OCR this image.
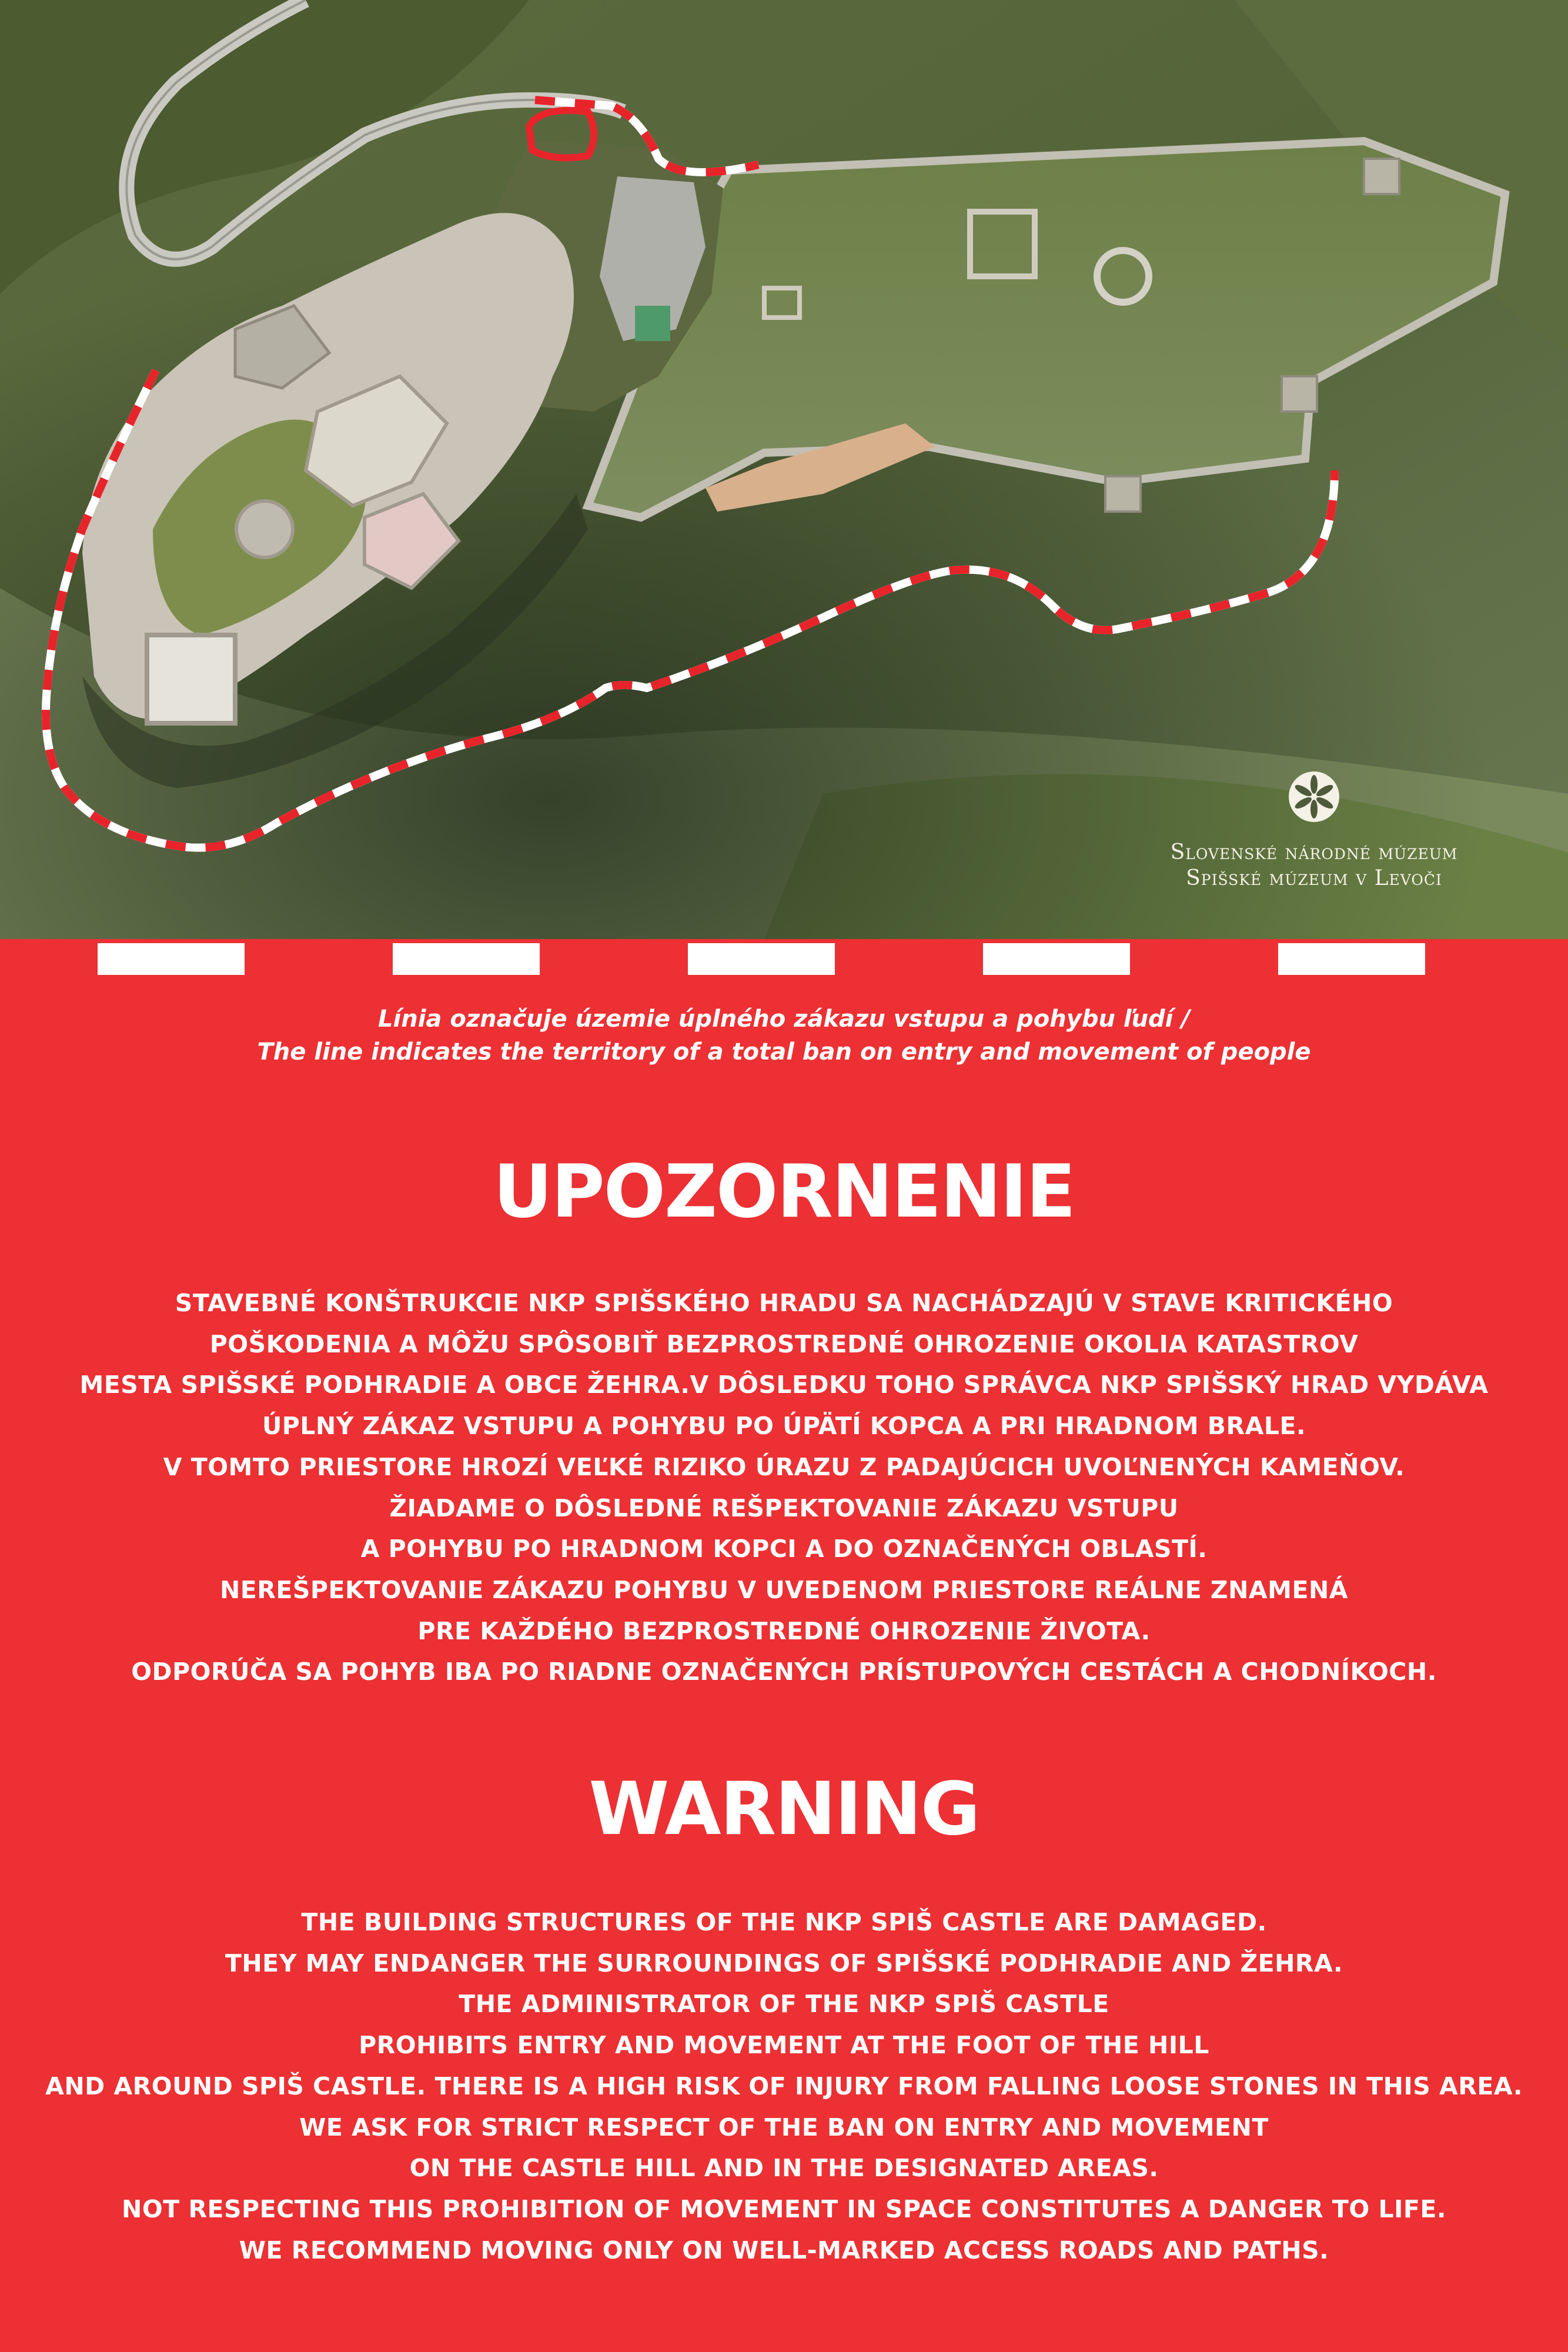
Slovenské národné múzeum
Spišské múzeum v Levoči
Línia označuje územie úplného zákazu vstupu a pohybu ľudí /
The line indicates the territory of a total ban on entry and movement of people
UPOZORNENIE
STAVEBNÉ KONŠTRUKCIE NKP SPIŠSKÉHO HRADU SA NACHÁDZAJÚ V STAVE KRITICKÉHO
POŠKODENIA A MÔŽU SPÔSOBIŤ BEZPROSTREDNÉ OHROZENIE OKOLIA KATASTROV
MESTA SPIŠSKÉ PODHRADIE A OBCE ŽEHRA.V DÔSLEDKU TOHO SPRÁVCA NKP SPIŠSKÝ HRAD VYDÁVA
ÚPLNÝ ZÁKAZ VSTUPU A POHYBU PO ÚPÄTÍ KOPCA A PRI HRADNOM BRALE.
V TOMTO PRIESTORE HROZÍ VEĽKÉ RIZIKO ÚRAZU Z PADAJÚCICH UVOĽNENÝCH KAMEŇOV.
ŽIADAME O DÔSLEDNÉ REŠPEKTOVANIE ZÁKAZU VSTUPU
A POHYBU PO HRADNOM KOPCI A DO OZNAČENÝCH OBLASTÍ.
NEREŠPEKTOVANIE ZÁKAZU POHYBU V UVEDENOM PRIESTORE REÁLNE ZNAMENÁ
PRE KAŽDÉHO BEZPROSTREDNÉ OHROZENIE ŽIVOTA.
ODPORÚČA SA POHYB IBA PO RIADNE OZNAČENÝCH PRÍSTUPOVÝCH CESTÁCH A CHODNÍKOCH.
WARNING
THE BUILDING STRUCTURES OF THE NKP SPIŠ CASTLE ARE DAMAGED.
THEY MAY ENDANGER THE SURROUNDINGS OF SPIŠSKÉ PODHRADIE AND ŽEHRA.
THE ADMINISTRATOR OF THE NKP SPIŠ CASTLE
PROHIBITS ENTRY AND MOVEMENT AT THE FOOT OF THE HILL
AND AROUND SPIŠ CASTLE. THERE IS A HIGH RISK OF INJURY FROM FALLING LOOSE STONES IN THIS AREA.
WE ASK FOR STRICT RESPECT OF THE BAN ON ENTRY AND MOVEMENT
ON THE CASTLE HILL AND IN THE DESIGNATED AREAS.
NOT RESPECTING THIS PROHIBITION OF MOVEMENT IN SPACE CONSTITUTES A DANGER TO LIFE.
WE RECOMMEND MOVING ONLY ON WELL-MARKED ACCESS ROADS AND PATHS.
